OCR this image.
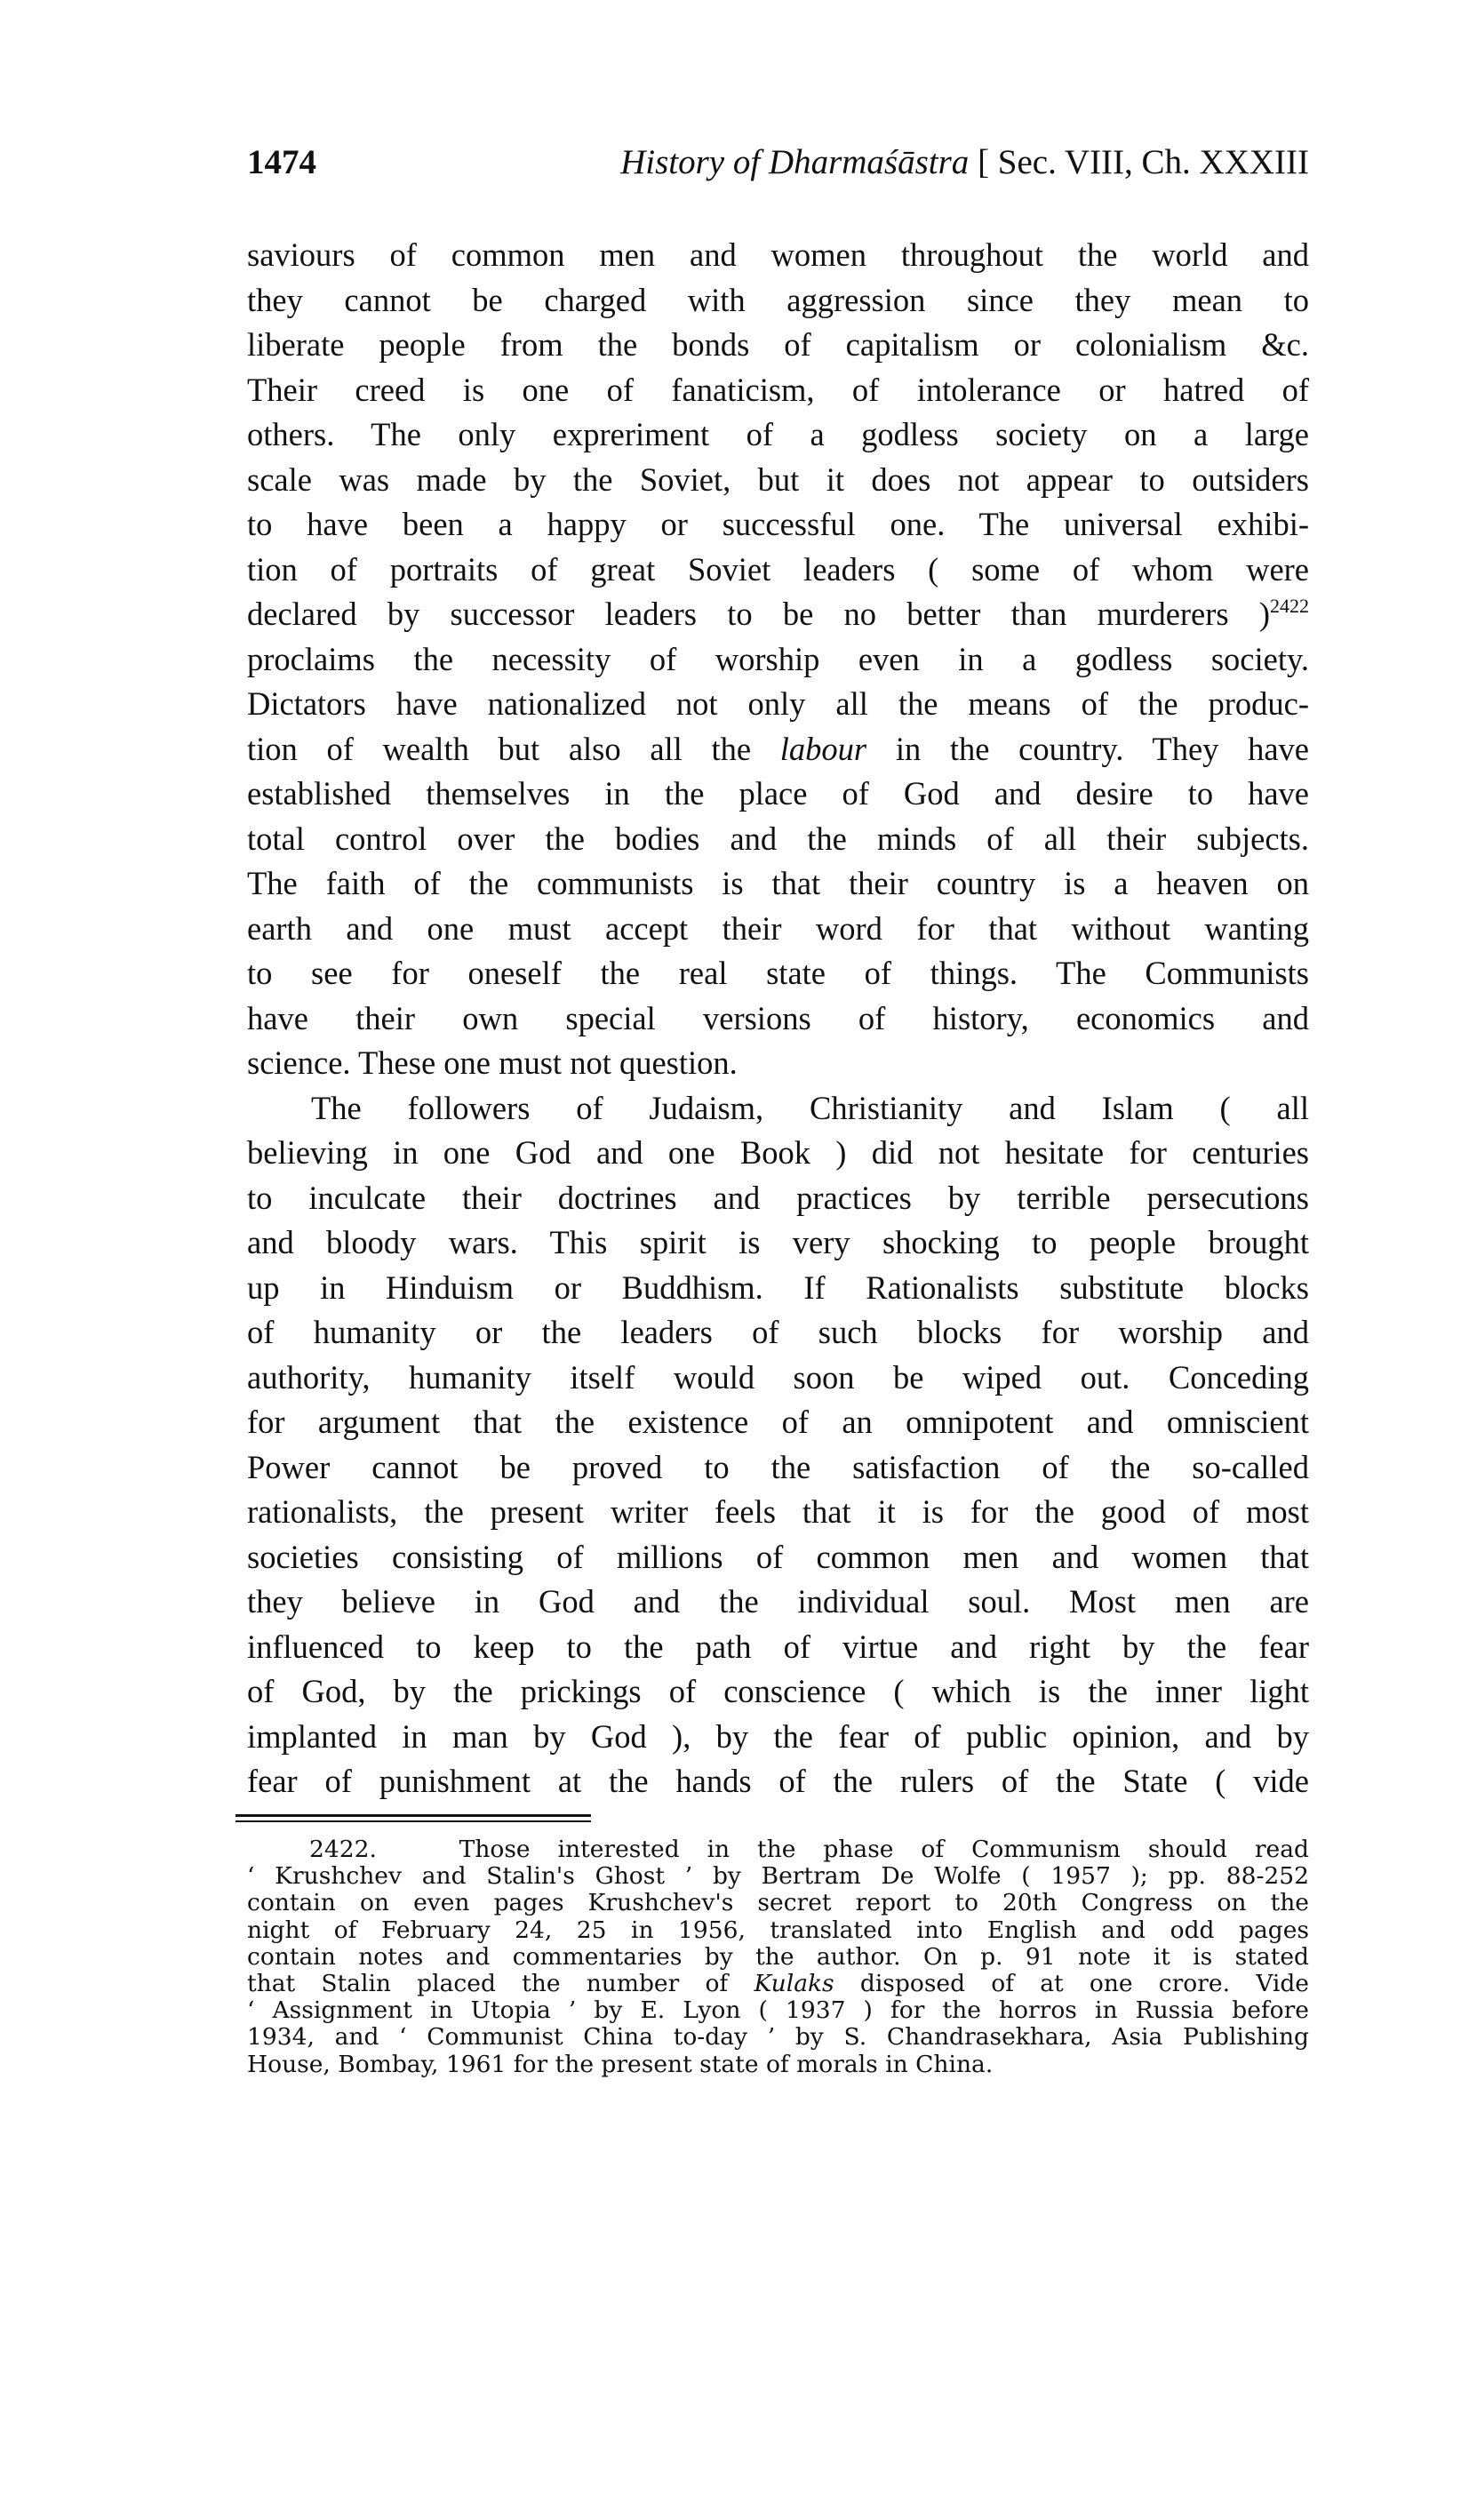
1474	History of Dharmaśāstra [ Sec. VIII, Ch. XXXIII
saviours of common men and women throughout the world and
they cannot be charged with aggression since they mean to
liberate people from the bonds of capitalism or colonialism &c.
Their creed is one of fanaticism, of intolerance or hatred of
others. The only expreriment of a godless society on a large
scale was made by the Soviet, but it does not appear to outsiders
to have been a happy or successful one. The universal exhibi-
tion of portraits of great Soviet leaders ( some of whom were
declared by successor leaders to be no better than murderers )$^{2422}$
proclaims the necessity of worship even in a godless society.
Dictators have nationalized not only all the means of the produc-
tion of wealth but also all the labour in the country. They have
established themselves in the place of God and desire to have
total control over the bodies and the minds of all their subjects.
The faith of the communists is that their country is a heaven on
earth and one must accept their word for that without wanting
to see for oneself the real state of things. The Communists
have their own special versions of history, economics and
science. These one must not question.
The followers of Judaism, Christianity and Islam ( all
believing in one God and one Book ) did not hesitate for centuries
to inculcate their doctrines and practices by terrible persecutions
and bloody wars. This spirit is very shocking to people brought
up in Hinduism or Buddhism. If Rationalists substitute blocks
of humanity or the leaders of such blocks for worship and
authority, humanity itself would soon be wiped out. Conceding
for argument that the existence of an omnipotent and omniscient
Power cannot be proved to the satisfaction of the so-called
rationalists, the present writer feels that it is for the good of most
societies consisting of millions of common men and women that
they believe in God and the individual soul. Most men are
influenced to keep to the path of virtue and right by the fear
of God, by the prickings of conscience ( which is the inner light
implanted in man by God ), by the fear of public opinion, and by
fear of punishment at the hands of the rulers of the State ( vide
2422.	Those interested in the phase of Communism should read
‘ Krushchev and Stalin's Ghost ’ by Bertram De Wolfe ( 1957 ); pp. 88-252
contain on even pages Krushchev's secret report to 20th Congress on the
night of February 24, 25 in 1956, translated into English and odd pages
contain notes and commentaries by the author. On p. 91 note it is stated
that Stalin placed the number of Kulaks disposed of at one crore. Vide
‘ Assignment in Utopia ’ by E. Lyon ( 1937 ) for the horros in Russia before
1934, and ‘ Communist China to-day ’ by S. Chandrasekhara, Asia Publishing
House, Bombay, 1961 for the present state of morals in China.
